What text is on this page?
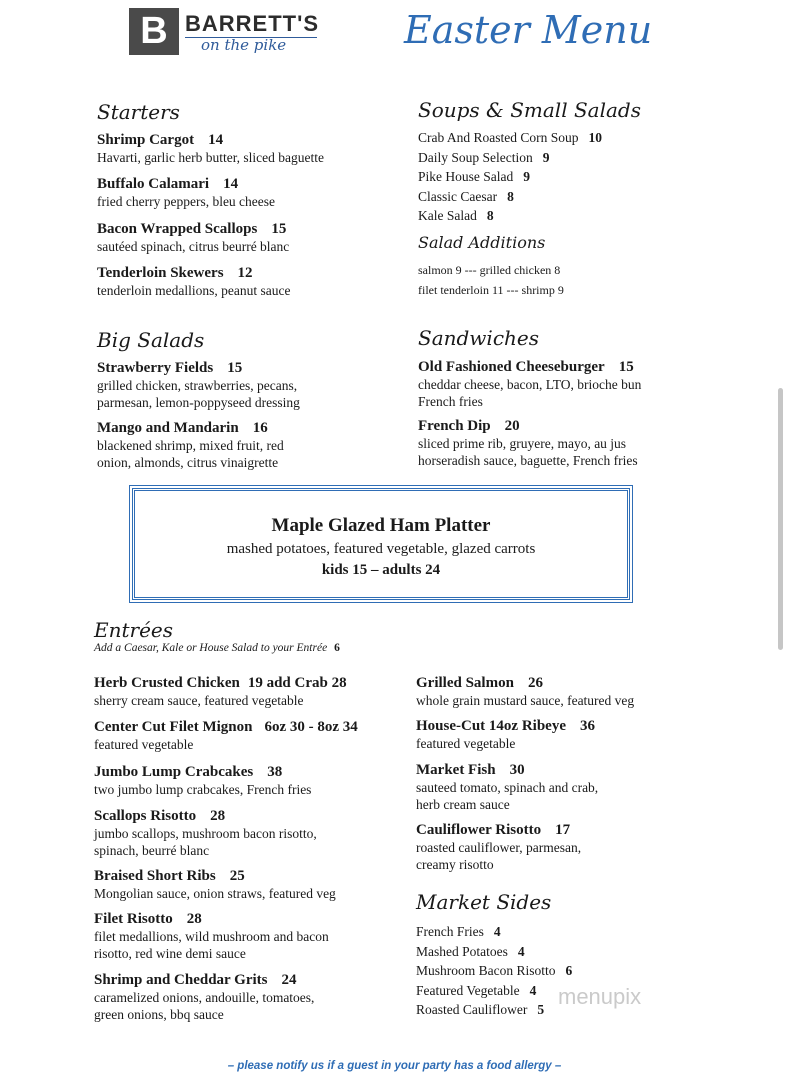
B BARRETT'S
on the pike	Easter Menu
Starters
Shrimp Cargot 14
Havarti, garlic herb butter, sliced baguette
Buffalo Calamari 14
fried cherry peppers, bleu cheese
Bacon Wrapped Scallops 15
sautéed spinach, citrus beurré blanc
Tenderloin Skewers 12
tenderloin medallions, peanut sauce
Soups & Small Salads
Crab And Roasted Corn Soup 10
Daily Soup Selection 9
Pike House Salad 9
Classic Caesar 8
Kale Salad 8
Salad Additions
salmon 9 --- grilled chicken 8
filet tenderloin 11 --- shrimp 9
Big Salads
Strawberry Fields 15
grilled chicken, strawberries, pecans,
parmesan, lemon-poppyseed dressing
Mango and Mandarin 16
blackened shrimp, mixed fruit, red
onion, almonds, citrus vinaigrette
Sandwiches
Old Fashioned Cheeseburger 15
cheddar cheese, bacon, LTO, brioche bun
French fries
French Dip 20
sliced prime rib, gruyere, mayo, au jus
horseradish sauce, baguette, French fries
Maple Glazed Ham Platter
mashed potatoes, featured vegetable, glazed carrots
kids 15 – adults 24
Entrées
Add a Caesar, Kale or House Salad to your Entrée 6
Herb Crusted Chicken 19 add Crab 28
sherry cream sauce, featured vegetable
Center Cut Filet Mignon 6oz 30 - 8oz 34
featured vegetable
Jumbo Lump Crabcakes 38
two jumbo lump crabcakes, French fries
Scallops Risotto 28
jumbo scallops, mushroom bacon risotto,
spinach, beurré blanc
Braised Short Ribs 25
Mongolian sauce, onion straws, featured veg
Filet Risotto 28
filet medallions, wild mushroom and bacon
risotto, red wine demi sauce
Shrimp and Cheddar Grits 24
caramelized onions, andouille, tomatoes,
green onions, bbq sauce
Grilled Salmon 26
whole grain mustard sauce, featured veg
House-Cut 14oz Ribeye 36
featured vegetable
Market Fish 30
sauteed tomato, spinach and crab,
herb cream sauce
Cauliflower Risotto 17
roasted cauliflower, parmesan,
creamy risotto
Market Sides
French Fries 4
Mashed Potatoes 4
Mushroom Bacon Risotto 6
Featured Vegetable 4
Roasted Cauliflower 5
menupix
– please notify us if a guest in your party has a food allergy –
